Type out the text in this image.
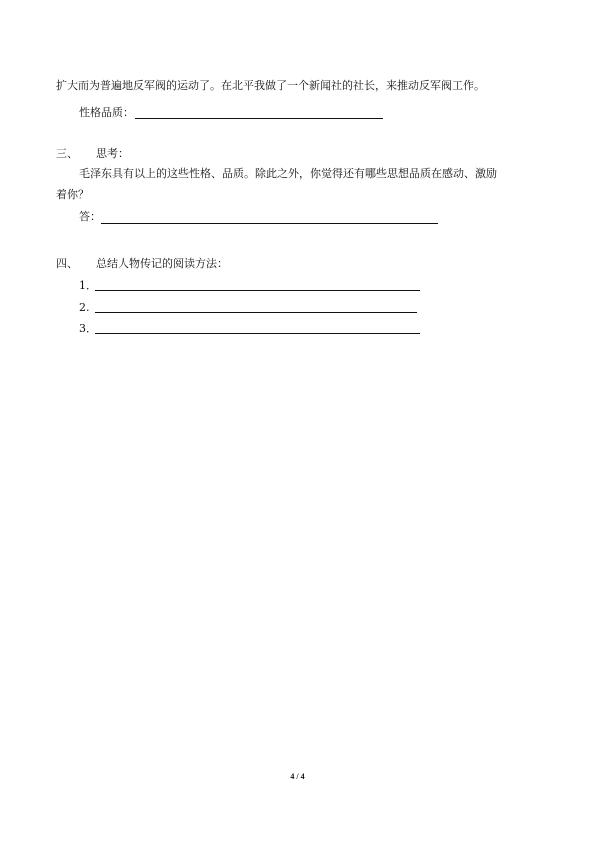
扩大而为普遍地反军阀的运动了。在北平我做了一个新闻社的社长，来推动反军阀工作。
性格品质：
三、 思考：
毛泽东具有以上的这些性格、品质。除此之外，你觉得还有哪些思想品质在感动、激励
着你？
答：
四、 总结人物传记的阅读方法：
1．
2.
3．
4 / 4
